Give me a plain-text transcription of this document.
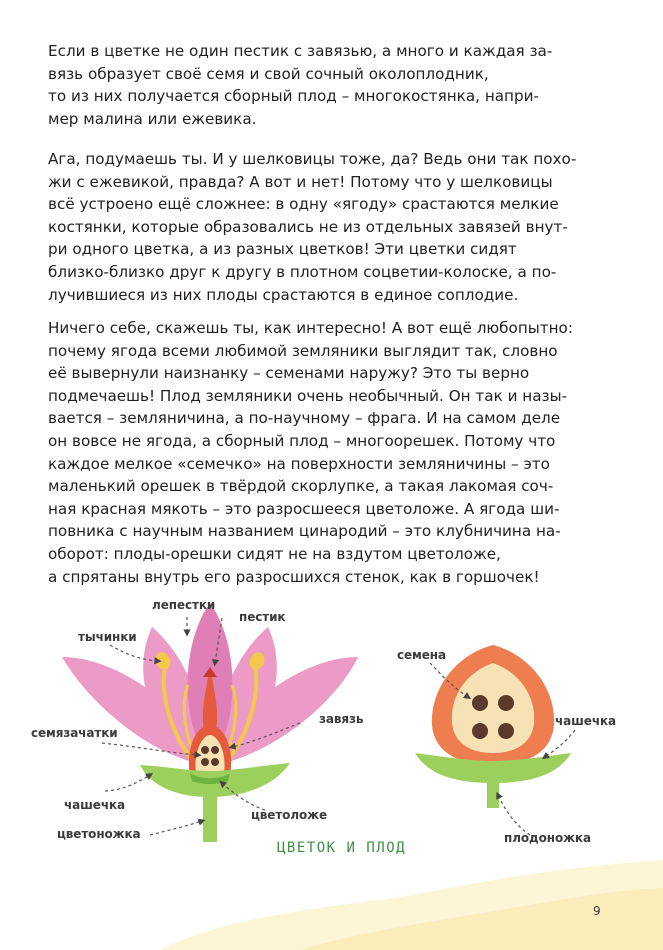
Если в цветке не один пестик с завязью, а много и каждая за-
вязь образует своё семя и свой сочный околоплодник,
то из них получается сборный плод – многокостянка, напри-
мер малина или ежевика.

Ага, подумаешь ты. И у шелковицы тоже, да? Ведь они так похо-
жи с ежевикой, правда? А вот и нет! Потому что у шелковицы
всё устроено ещё сложнее: в одну «ягоду» срастаются мелкие
костянки, которые образовались не из отдельных завязей внут-
ри одного цветка, а из разных цветков! Эти цветки сидят
близко-близко друг к другу в плотном соцветии-колоске, а по-
лучившиеся из них плоды срастаются в единое соплодие.

Ничего себе, скажешь ты, как интересно! А вот ещё любопытно:
почему ягода всеми любимой земляники выглядит так, словно
её вывернули наизнанку – семенами наружу? Это ты верно
подмечаешь! Плод земляники очень необычный. Он так и назы-
вается – земляничина, а по-научному – фрага. И на самом деле
он вовсе не ягода, а сборный плод – многоорешек. Потому что
каждое мелкое «семечко» на поверхности земляничины – это
маленький орешек в твёрдой скорлупке, а такая лакомая соч-
ная красная мякоть – это разросшееся цветоложе. А ягода ши-
повника с научным названием цинародий – это клубничина на-
оборот: плоды-орешки сидят не на вздутом цветоложе,
а спрятаны внутрь его разросшихся стенок, как в горшочек!

лепестки
пестик
тычинки
семязачатки
завязь
чашечка
цветоложе
цветоножка
семена
чашечка
плодоножка
ЦВЕТОК И ПЛОД
9
